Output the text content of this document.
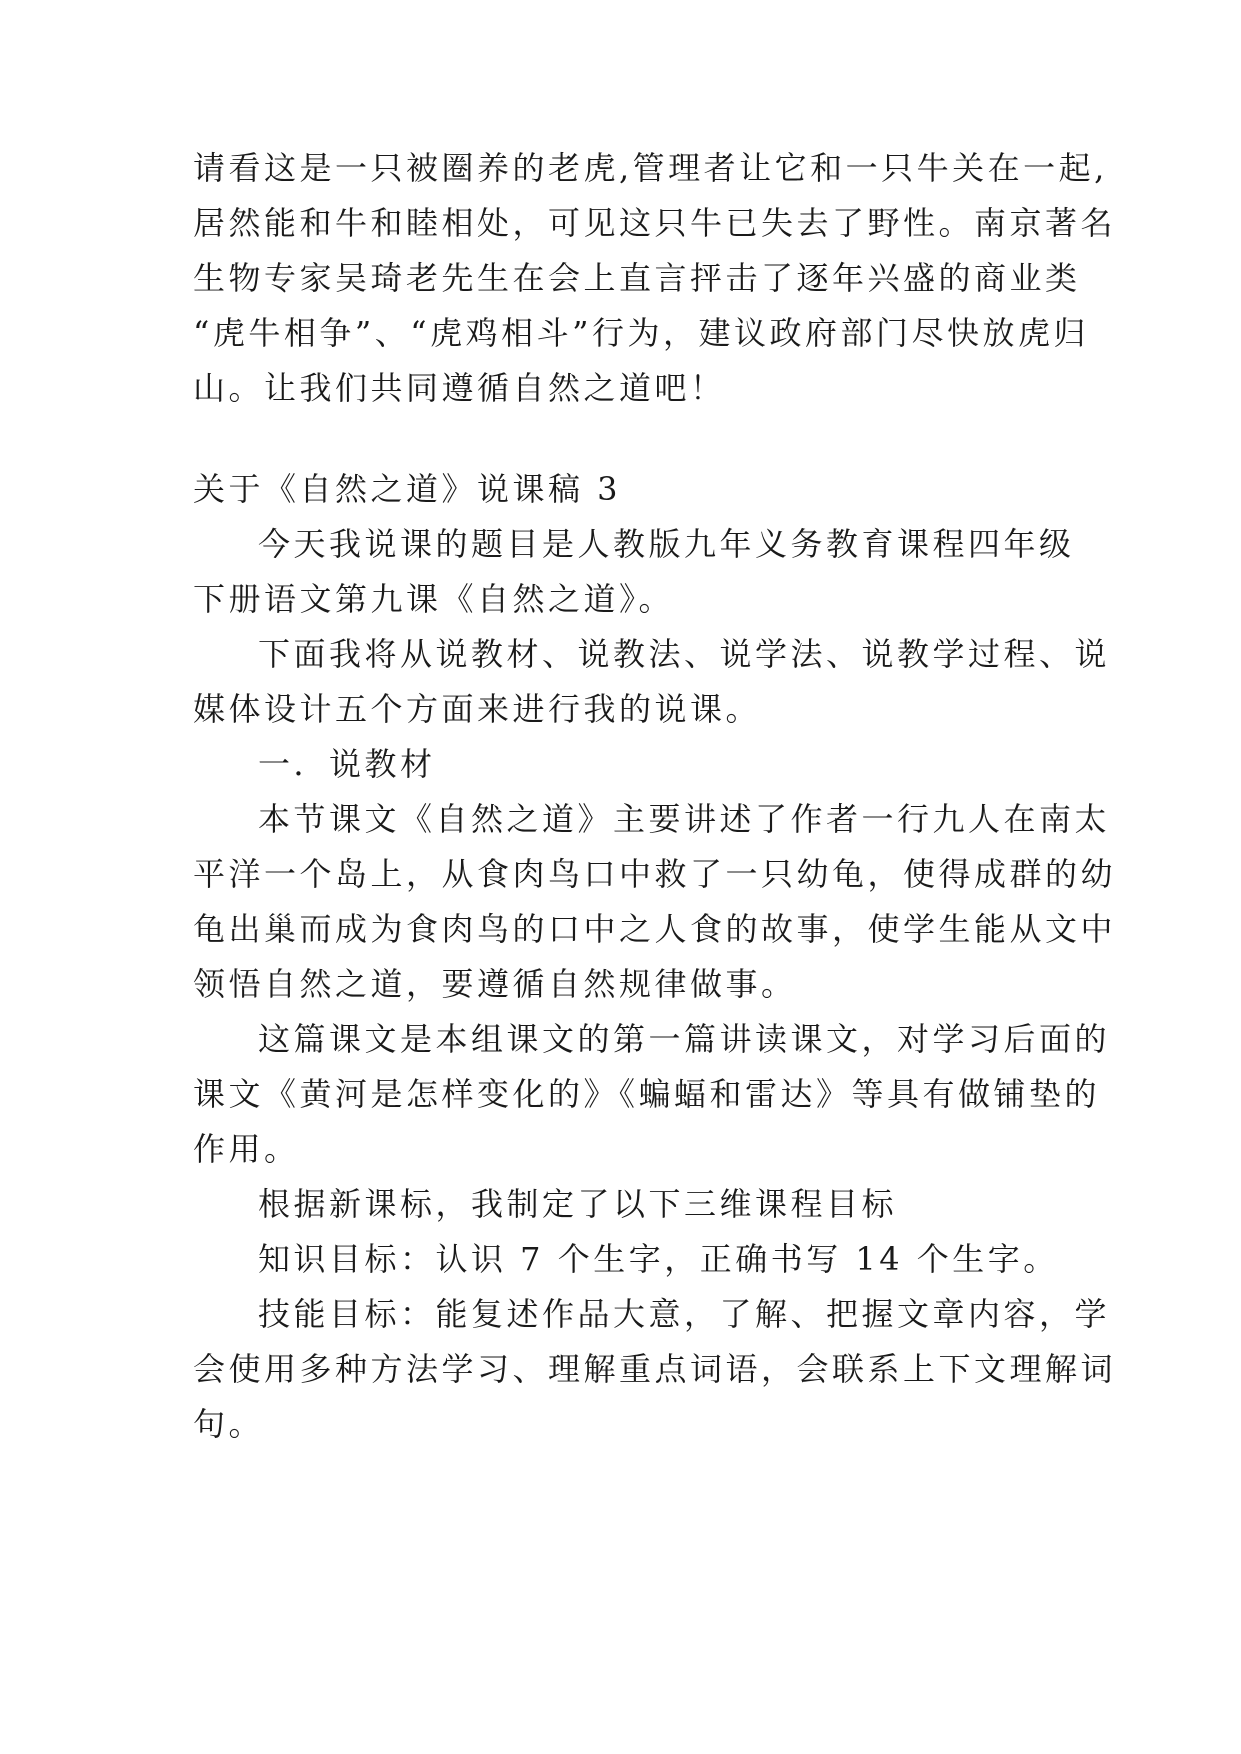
请看这是一只被圈养的老虎,管理者让它和一只牛关在一起,
居然能和牛和睦相处，可见这只牛已失去了野性。南京著名
生物专家吴琦老先生在会上直言抨击了逐年兴盛的商业类
“虎牛相争”、“虎鸡相斗”行为，建议政府部门尽快放虎归
山。让我们共同遵循自然之道吧！
关于《自然之道》说课稿 3
今天我说课的题目是人教版九年义务教育课程四年级
下册语文第九课《自然之道》。
下面我将从说教材、说教法、说学法、说教学过程、说
媒体设计五个方面来进行我的说课。
一．说教材
本节课文《自然之道》主要讲述了作者一行九人在南太
平洋一个岛上，从食肉鸟口中救了一只幼龟，使得成群的幼
龟出巢而成为食肉鸟的口中之人食的故事，使学生能从文中
领悟自然之道，要遵循自然规律做事。
这篇课文是本组课文的第一篇讲读课文，对学习后面的
课文《黄河是怎样变化的》《蝙蝠和雷达》等具有做铺垫的
作用。
根据新课标，我制定了以下三维课程目标
知识目标：认识 7 个生字，正确书写 14 个生字。
技能目标：能复述作品大意，了解、把握文章内容，学
会使用多种方法学习、理解重点词语，会联系上下文理解词
句。
